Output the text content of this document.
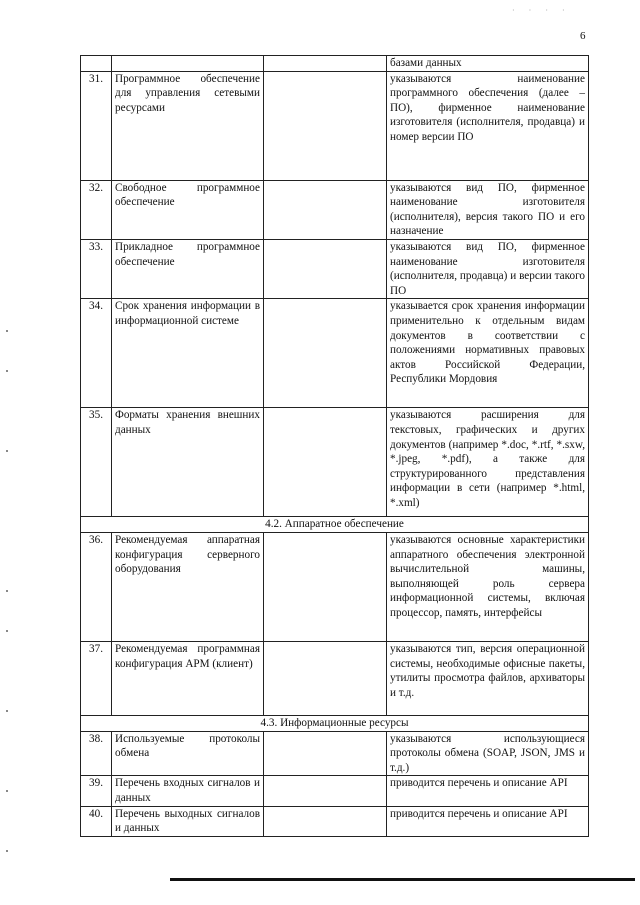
· · · ·
6
			базами данных
31.	Программное обеспечение для управления сетевыми ресурсами		указываются наименование программного обеспечения (далее – ПО), фирменное наименование изготовителя (исполнителя, продавца) и номер версии ПО
32.	Свободное программное обеспечение		указываются вид ПО, фирменное наименование изготовителя (исполнителя), версия такого ПО и его назначение
33.	Прикладное программное обеспечение		указываются вид ПО, фирменное наименование изготовителя (исполнителя, продавца) и версии такого ПО
34.	Срок хранения информации в информационной системе		указывается срок хранения информации применительно к отдельным видам документов в соответствии с положениями нормативных правовых актов Российской Федерации, Республики Мордовия
35.	Форматы хранения внешних данных		указываются расширения для текстовых, графических и других документов (например *.doc, *.rtf, *.sxw, *.jpeg, *.pdf), а также для структурированного представления информации в сети (например *.html, *.xml)
4.2. Аппаратное обеспечение			
36.	Рекомендуемая аппаратная конфигурация серверного оборудования		указываются основные характеристики аппаратного обеспечения электронной вычислительной машины, выполняющей роль сервера информационной системы, включая процессор, память, интерфейсы
37.	Рекомендуемая программная конфигурация АРМ (клиент)		указываются тип, версия операционной системы, необходимые офисные пакеты, утилиты просмотра файлов, архиваторы и т.д.
4.3. Информационные ресурсы			
38.	Используемые протоколы обмена		указываются использующиеся протоколы обмена (SOAP, JSON, JMS и т.д.)
39.	Перечень входных сигналов и данных		приводится перечень и описание API
40.	Перечень выходных сигналов и данных		приводится перечень и описание API
